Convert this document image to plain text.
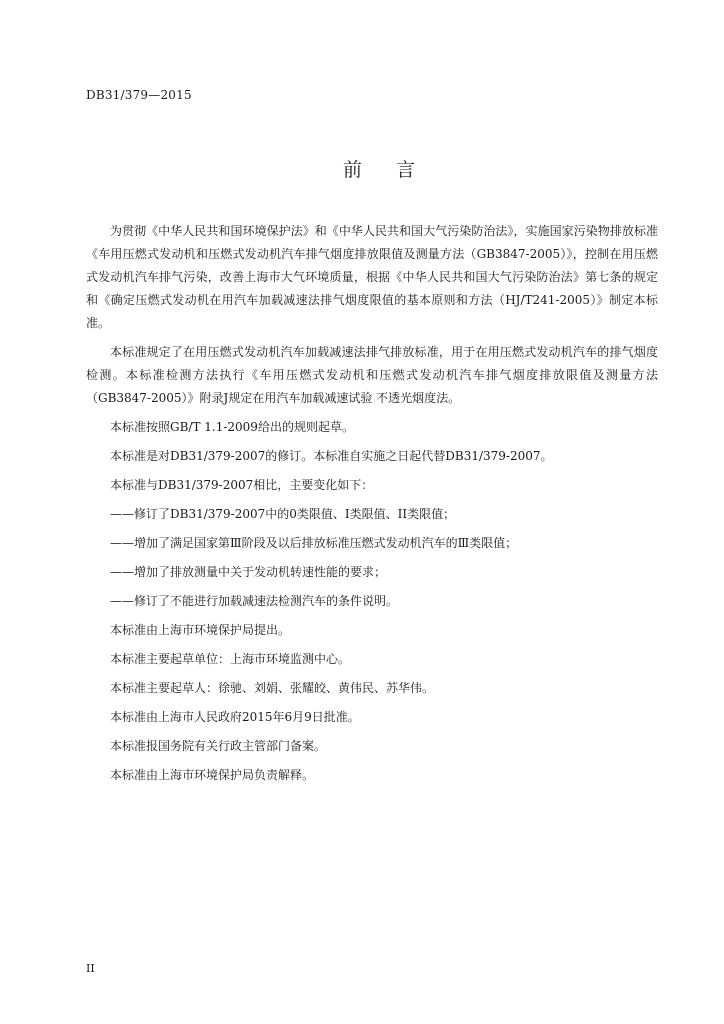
DB31/379—2015
前言

为贯彻《中华人民共和国环境保护法》和《中华人民共和国大气污染防治法》，实施国家污染物排放标准《车用压燃式发动机和压燃式发动机汽车排气烟度排放限值及测量方法（GB3847-2005）》，控制在用压燃式发动机汽车排气污染，改善上海市大气环境质量，根据《中华人民共和国大气污染防治法》第七条的规定和《确定压燃式发动机在用汽车加载减速法排气烟度限值的基本原则和方法（HJ/T241-2005）》制定本标准。

本标准规定了在用压燃式发动机汽车加载减速法排气排放标准，用于在用压燃式发动机汽车的排气烟度检测。本标准检测方法执行《车用压燃式发动机和压燃式发动机汽车排气烟度排放限值及测量方法（GB3847-2005）》附录J规定在用汽车加载减速试验 不透光烟度法。

本标准按照GB/T 1.1-2009给出的规则起草。

本标准是对DB31/379-2007的修订。本标准自实施之日起代替DB31/379-2007。

本标准与DB31/379-2007相比，主要变化如下：

——修订了DB31/379-2007中的0类限值、I类限值、II类限值；

——增加了满足国家第Ⅲ阶段及以后排放标准压燃式发动机汽车的Ⅲ类限值；

——增加了排放测量中关于发动机转速性能的要求；

——修订了不能进行加载减速法检测汽车的条件说明。

本标准由上海市环境保护局提出。

本标准主要起草单位：上海市环境监测中心。

本标准主要起草人：徐驰、刘娟、张耀皎、黄伟民、苏华伟。

本标准由上海市人民政府2015年6月9日批准。

本标准报国务院有关行政主管部门备案。

本标准由上海市环境保护局负责解释。

II
